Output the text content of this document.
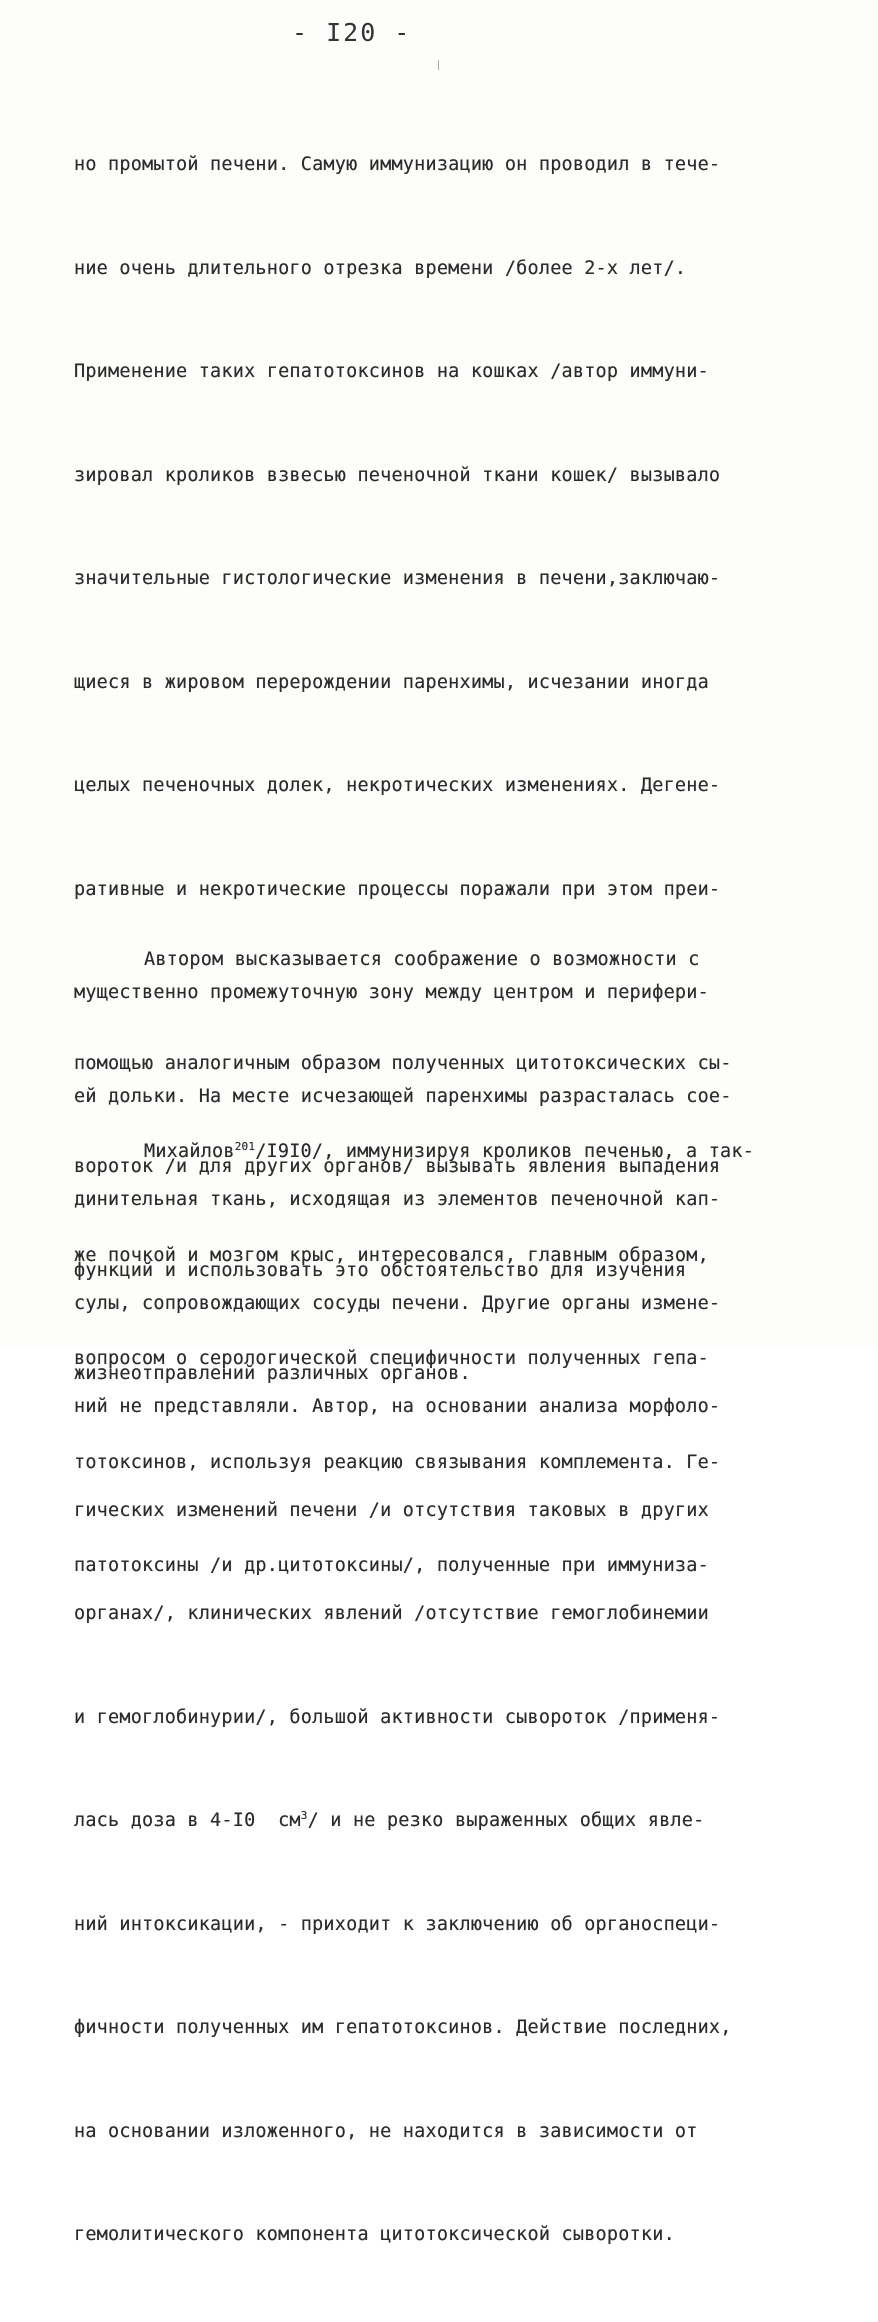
- I20 -

но промытой печени. Самую иммунизацию он проводил в тече-

ние очень длительного отрезка времени /более 2-х лет/.

Применение таких гепатотоксинов на кошках /автор иммуни-

зировал кроликов взвесью печеночной ткани кошек/ вызывало

значительные гистологические изменения в печени,заключаю-

щиеся в жировом перерождении паренхимы, исчезании иногда

целых печеночных долек, некротических изменениях. Дегене-

ративные и некротические процессы поражали при этом преи-

мущественно промежуточную зону между центром и перифери-

ей дольки. На месте исчезающей паренхимы разрасталась сое-

динительная ткань, исходящая из элементов печеночной кап-

сулы, сопровождающих сосуды печени. Другие органы измене-

ний не представляли. Автор, на основании анализа морфоло-

гических изменений печени /и отсутствия таковых в других

органах/, клинических явлений /отсутствие гемоглобинемии

и гемоглобинурии/, большой активности сывороток /применя-

лась доза в 4-I0  $см^3/$ и не резко выраженных общих явле-

ний интоксикации, - приходит к заключению об органоспеци-

фичности полученных им гепатотоксинов. Действие последних,

на основании изложенного, не находится в зависимости от

гемолитического компонента цитотоксической сыворотки.

Автором высказывается соображение о возможности с

помощью аналогичным образом полученных цитотоксических сы-

вороток /и для других органов/ вызывать явления выпадения

функций и использовать это обстоятельство для изучения

жизнеотправлений различных органов.

Михайлов$^{201}$/I9I0/, иммунизируя кроликов печенью, а так-

же почкой и мозгом крыс, интересовался, главным образом,

вопросом о серологической специфичности полученных гепа-

тотоксинов, используя реакцию связывания комплемента. Ге-

патотоксины /и др.цитотоксины/, полученные при иммуниза-
